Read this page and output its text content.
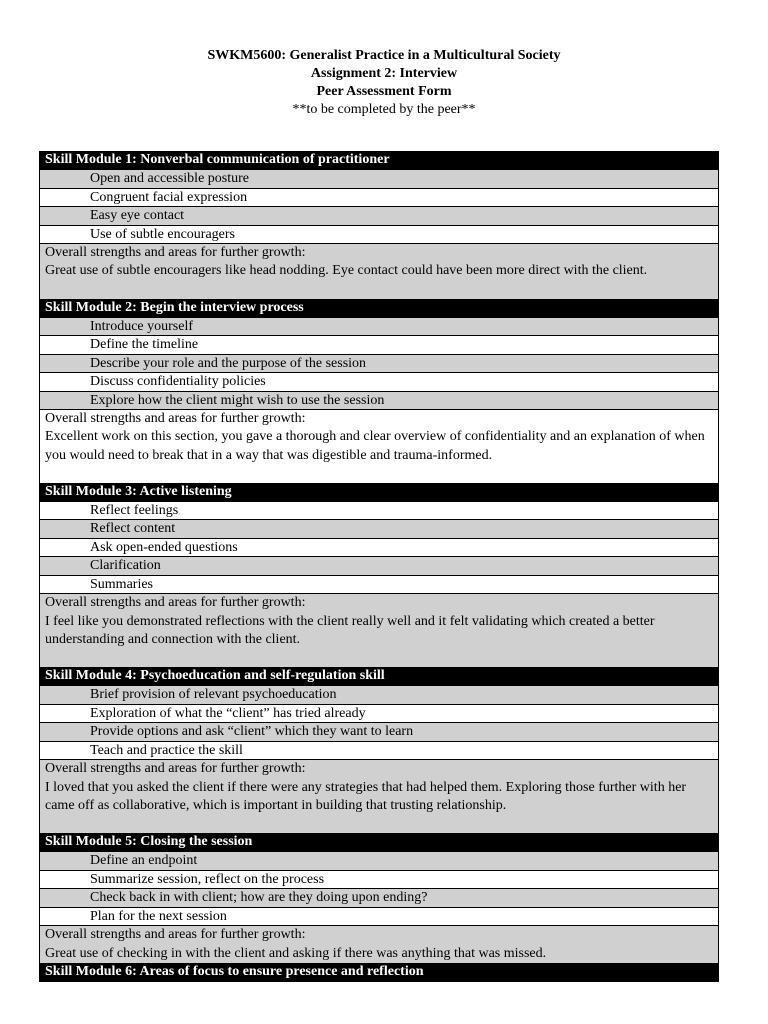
SWKM5600: Generalist Practice in a Multicultural Society
Assignment 2: Interview
Peer Assessment Form
**to be completed by the peer**
Skill Module 1: Nonverbal communication of practitioner
Open and accessible posture
Congruent facial expression
Easy eye contact
Use of subtle encouragers
Overall strengths and areas for further growth:
Great use of subtle encouragers like head nodding. Eye contact could have been more direct with the client.
Skill Module 2: Begin the interview process
Introduce yourself
Define the timeline
Describe your role and the purpose of the session
Discuss confidentiality policies
Explore how the client might wish to use the session
Overall strengths and areas for further growth:
Excellent work on this section, you gave a thorough and clear overview of confidentiality and an explanation of when you would need to break that in a way that was digestible and trauma-informed.
Skill Module 3: Active listening
Reflect feelings
Reflect content
Ask open-ended questions
Clarification
Summaries
Overall strengths and areas for further growth:
I feel like you demonstrated reflections with the client really well and it felt validating which created a better understanding and connection with the client.
Skill Module 4: Psychoeducation and self-regulation skill
Brief provision of relevant psychoeducation
Exploration of what the “client” has tried already
Provide options and ask “client” which they want to learn
Teach and practice the skill
Overall strengths and areas for further growth:
I loved that you asked the client if there were any strategies that had helped them. Exploring those further with her came off as collaborative, which is important in building that trusting relationship.
Skill Module 5: Closing the session
Define an endpoint
Summarize session, reflect on the process
Check back in with client; how are they doing upon ending?
Plan for the next session
Overall strengths and areas for further growth:
Great use of checking in with the client and asking if there was anything that was missed.
Skill Module 6: Areas of focus to ensure presence and reflection
